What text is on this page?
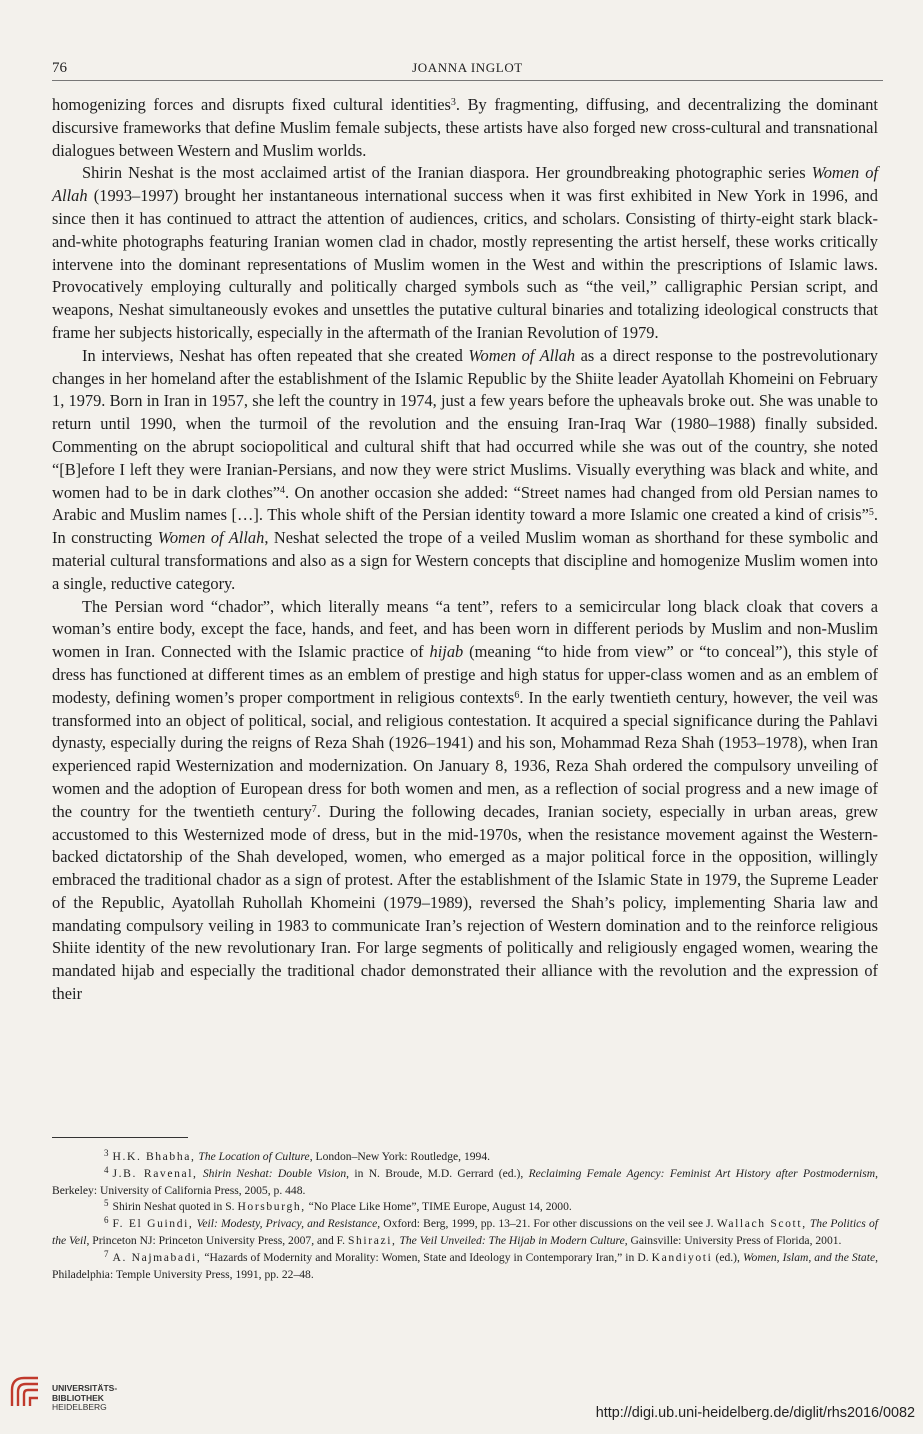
76	JOANNA INGLOT

homogenizing forces and disrupts fixed cultural identities$^3$. By fragmenting, diffusing, and decentralizing the dominant discursive frameworks that define Muslim female subjects, these artists have also forged new cross-cultural and transnational dialogues between Western and Muslim worlds.

Shirin Neshat is the most acclaimed artist of the Iranian diaspora. Her groundbreaking photographic series Women of Allah (1993–1997) brought her instantaneous international success when it was first exhibited in New York in 1996, and since then it has continued to attract the attention of audiences, critics, and scholars. Consisting of thirty-eight stark black-and-white photographs featuring Iranian women clad in chador, mostly representing the artist herself, these works critically intervene into the dominant representations of Muslim women in the West and within the prescriptions of Islamic laws. Provocatively employing culturally and politically charged symbols such as “the veil,” calligraphic Persian script, and weapons, Neshat simultaneously evokes and unsettles the putative cultural binaries and totalizing ideological constructs that frame her subjects historically, especially in the aftermath of the Iranian Revolution of 1979.

In interviews, Neshat has often repeated that she created Women of Allah as a direct response to the postrevolutionary changes in her homeland after the establishment of the Islamic Republic by the Shiite leader Ayatollah Khomeini on February 1, 1979. Born in Iran in 1957, she left the country in 1974, just a few years before the upheavals broke out. She was unable to return until 1990, when the turmoil of the revolution and the ensuing Iran-Iraq War (1980–1988) finally subsided. Commenting on the abrupt sociopolitical and cultural shift that had occurred while she was out of the country, she noted “[B]efore I left they were Iranian-Persians, and now they were strict Muslims. Visually everything was black and white, and women had to be in dark clothes”$^4$. On another occasion she added: “Street names had changed from old Persian names to Arabic and Muslim names […]. This whole shift of the Persian identity toward a more Islamic one created a kind of crisis”$^5$. In constructing Women of Allah, Neshat selected the trope of a veiled Muslim woman as shorthand for these symbolic and material cultural transformations and also as a sign for Western concepts that discipline and homogenize Muslim women into a single, reductive category.

The Persian word “chador”, which literally means “a tent”, refers to a semicircular long black cloak that covers a woman’s entire body, except the face, hands, and feet, and has been worn in different periods by Muslim and non-Muslim women in Iran. Connected with the Islamic practice of hijab (meaning “to hide from view” or “to conceal”), this style of dress has functioned at different times as an emblem of prestige and high status for upper-class women and as an emblem of modesty, defining women’s proper comportment in religious contexts$^6$. In the early twentieth century, however, the veil was transformed into an object of political, social, and religious contestation. It acquired a special significance during the Pahlavi dynasty, especially during the reigns of Reza Shah (1926–1941) and his son, Mohammad Reza Shah (1953–1978), when Iran experienced rapid Westernization and modernization. On January 8, 1936, Reza Shah ordered the compulsory unveiling of women and the adoption of European dress for both women and men, as a reflection of social progress and a new image of the country for the twentieth century$^7$. During the following decades, Iranian society, especially in urban areas, grew accustomed to this Westernized mode of dress, but in the mid-1970s, when the resistance movement against the Western-backed dictatorship of the Shah developed, women, who emerged as a major political force in the opposition, willingly embraced the traditional chador as a sign of protest. After the establishment of the Islamic State in 1979, the Supreme Leader of the Republic, Ayatollah Ruhollah Khomeini (1979–1989), reversed the Shah’s policy, implementing Sharia law and mandating compulsory veiling in 1983 to communicate Iran’s rejection of Western domination and to the reinforce religious Shiite identity of the new revolutionary Iran. For large segments of politically and religiously engaged women, wearing the mandated hijab and especially the traditional chador demonstrated their alliance with the revolution and the expression of their

3 H.K. Bhabha, The Location of Culture, London–New York: Routledge, 1994.

4 J.B. Ravenal, Shirin Neshat: Double Vision, in N. Broude, M.D. Gerrard (ed.), Reclaiming Female Agency: Feminist Art History after Postmodernism, Berkeley: University of California Press, 2005, p. 448.

5 Shirin Neshat quoted in S. Horsburgh, “No Place Like Home”, TIME Europe, August 14, 2000.

6 F. El Guindi, Veil: Modesty, Privacy, and Resistance, Oxford: Berg, 1999, pp. 13–21. For other discussions on the veil see J. Wallach Scott, The Politics of the Veil, Princeton NJ: Princeton University Press, 2007, and F. Shirazi, The Veil Unveiled: The Hijab in Modern Culture, Gainsville: University Press of Florida, 2001.

7 A. Najmabadi, “Hazards of Modernity and Morality: Women, State and Ideology in Contemporary Iran,” in D. Kandiyoti (ed.), Women, Islam, and the State, Philadelphia: Temple University Press, 1991, pp. 22–48.

UNIVERSITÄTS-
BIBLIOTHEK
HEIDELBERG	http://digi.ub.uni-heidelberg.de/diglit/rhs2016/0082
